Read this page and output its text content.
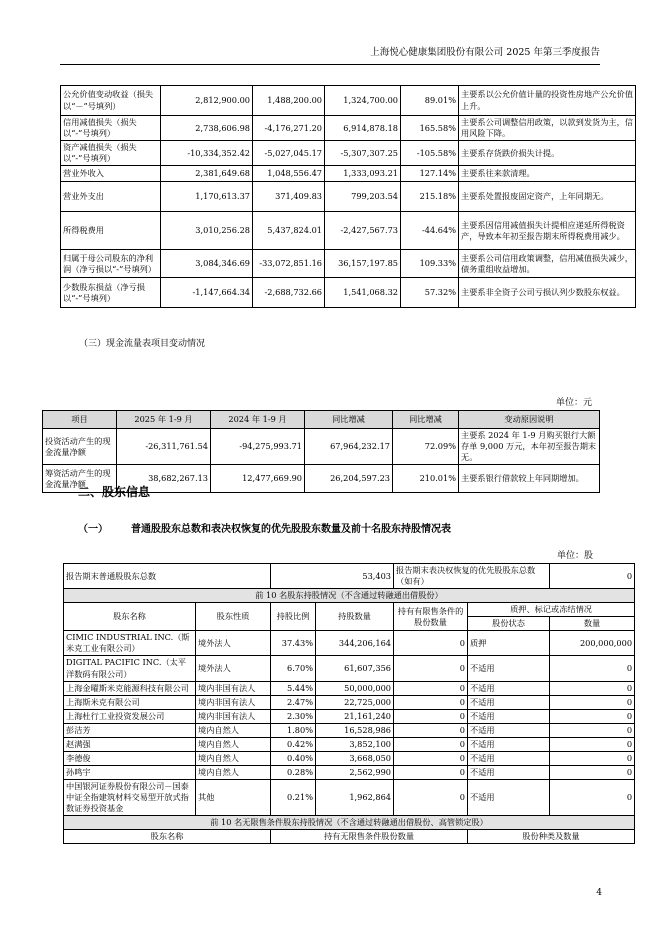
上海悦心健康集团股份有限公司 2025 年第三季度报告
公允价值变动收益（损失以“－”号填列）	2,812,900.00	1,488,200.00	1,324,700.00	89.01%	主要系以公允价值计量的投资性房地产公允价值上升。
信用减值损失（损失以“-”号填列）	2,738,606.98	-4,176,271.20	6,914,878.18	165.58%	主要系公司调整信用政策，以款到发货为主，信用风险下降。
资产减值损失（损失以“-”号填列）	-10,334,352.42	-5,027,045.17	-5,307,307.25	-105.58%	主要系存货跌价损失计提。
营业外收入	2,381,649.68	1,048,556.47	1,333,093.21	127.14%	主要系往来款清理。
营业外支出	1,170,613.37	371,409.83	799,203.54	215.18%	主要系处置报废固定资产，上年同期无。
所得税费用	3,010,256.28	5,437,824.01	-2,427,567.73	-44.64%	主要系因信用减值损失计提相应递延所得税资产，导致本年初至报告期末所得税费用减少。
归属于母公司股东的净利润（净亏损以“-”号填列）	3,084,346.69	-33,072,851.16	36,157,197.85	109.33%	主要系公司信用政策调整，信用减值损失减少，债务重组收益增加。
少数股东损益（净亏损以“-”号填列）	-1,147,664.34	-2,688,732.66	1,541,068.32	57.32%	主要系非全资子公司亏损认列少数股东权益。
（三）现金流量表项目变动情况
单位：元
项目	2025 年 1-9 月	2024 年 1-9 月	同比增减	同比增减	变动原因说明
投资活动产生的现金流量净额	-26,311,761.54	-94,275,993.71	67,964,232.17	72.09%	主要系 2024 年 1-9 月购买银行大额存单 9,000 万元，本年初至报告期末无。
筹资活动产生的现金流量净额	38,682,267.13	12,477,669.90	26,204,597.23	210.01%	主要系银行借款较上年同期增加。
二、股东信息
（一） 普通股股东总数和表决权恢复的优先股股东数量及前十名股东持股情况表
单位：股
报告期末普通股股东总数		53,403		报告期末表决权恢复的优先股股东总数（如有）		0
前 10 名股东持股情况（不含通过转融通出借股份）						
股东名称	股东性质	持股比例	持股数量	持有有限售条件的股份数量	质押、标记或冻结情况	
					股份状态	数量
CIMIC INDUSTRIAL INC.（斯米克工业有限公司）	境外法人	37.43%	344,206,164	0	质押	200,000,000
DIGITAL PACIFIC INC.（太平洋数码有限公司）	境外法人	6.70%	61,607,356	0	不适用	0
上海金曜斯米克能源科技有限公司	境内非国有法人	5.44%	50,000,000	0	不适用	0
上海斯米克有限公司	境内非国有法人	2.47%	22,725,000	0	不适用	0
上海杜行工业投资发展公司	境内非国有法人	2.30%	21,161,240	0	不适用	0
彭洁芳	境内自然人	1.80%	16,528,986	0	不适用	0
赵满强	境内自然人	0.42%	3,852,100	0	不适用	0
李德俊	境内自然人	0.40%	3,668,050	0	不适用	0
孙鸣宇	境内自然人	0.28%	2,562,990	0	不适用	0
中国银河证券股份有限公司－国泰中证全指建筑材料交易型开放式指数证券投资基金	其他	0.21%	1,962,864	0	不适用	0
前 10 名无限售条件股东持股情况（不含通过转融通出借股份、高管锁定股）						
股东名称		持有无限售条件股份数量			股份种类及数量	
4
